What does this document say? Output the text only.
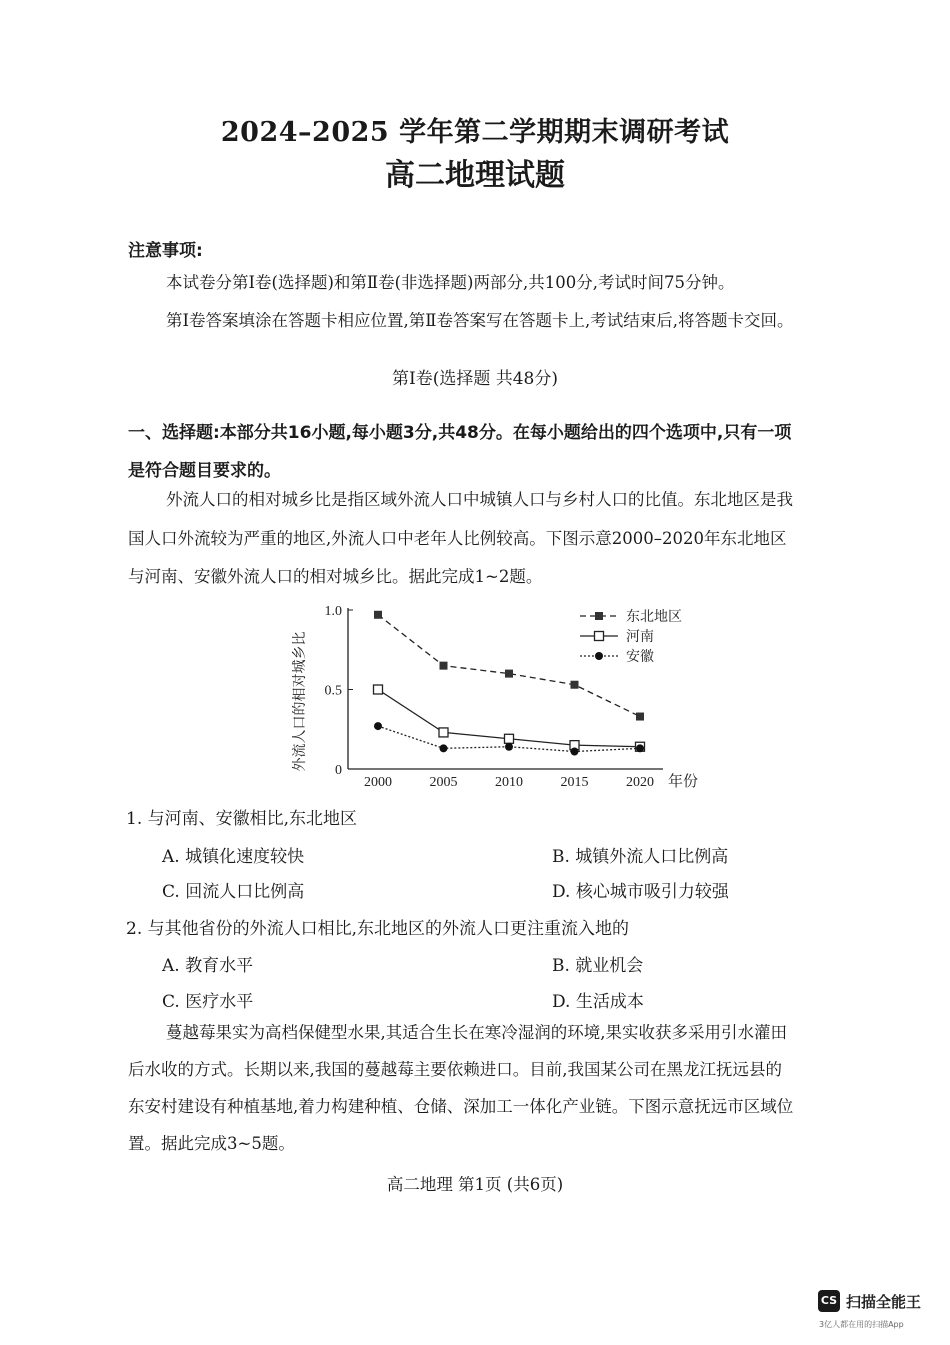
2024–2025 学年第二学期期末调研考试
高二地理试题
注意事项:
本试卷分第Ⅰ卷(选择题)和第Ⅱ卷(非选择题)两部分,共100分,考试时间75分钟。
第Ⅰ卷答案填涂在答题卡相应位置,第Ⅱ卷答案写在答题卡上,考试结束后,将答题卡交回。
第Ⅰ卷(选择题 共48分)
一、选择题:本部分共16小题,每小题3分,共48分。在每小题给出的四个选项中,只有一项
是符合题目要求的。
外流人口的相对城乡比是指区域外流人口中城镇人口与乡村人口的比值。东北地区是我
国人口外流较为严重的地区,外流人口中老年人比例较高。下图示意2000–2020年东北地区
与河南、安徽外流人口的相对城乡比。据此完成1~2题。
0
0.5
1.0
2000	2005	2010	2015	2020 年份
外流人口的相对城乡比
东北地区
河南
安徽
1. 与河南、安徽相比,东北地区
A. 城镇化速度较快	B. 城镇外流人口比例高
C. 回流人口比例高	D. 核心城市吸引力较强
2. 与其他省份的外流人口相比,东北地区的外流人口更注重流入地的
A. 教育水平	B. 就业机会
C. 医疗水平	D. 生活成本
蔓越莓果实为高档保健型水果,其适合生长在寒冷湿润的环境,果实收获多采用引水灌田
后水收的方式。长期以来,我国的蔓越莓主要依赖进口。目前,我国某公司在黑龙江抚远县的
东安村建设有种植基地,着力构建种植、仓储、深加工一体化产业链。下图示意抚远市区域位
置。据此完成3~5题。
高二地理 第1页 (共6页)
CS 扫描全能王
3亿人都在用的扫描App
